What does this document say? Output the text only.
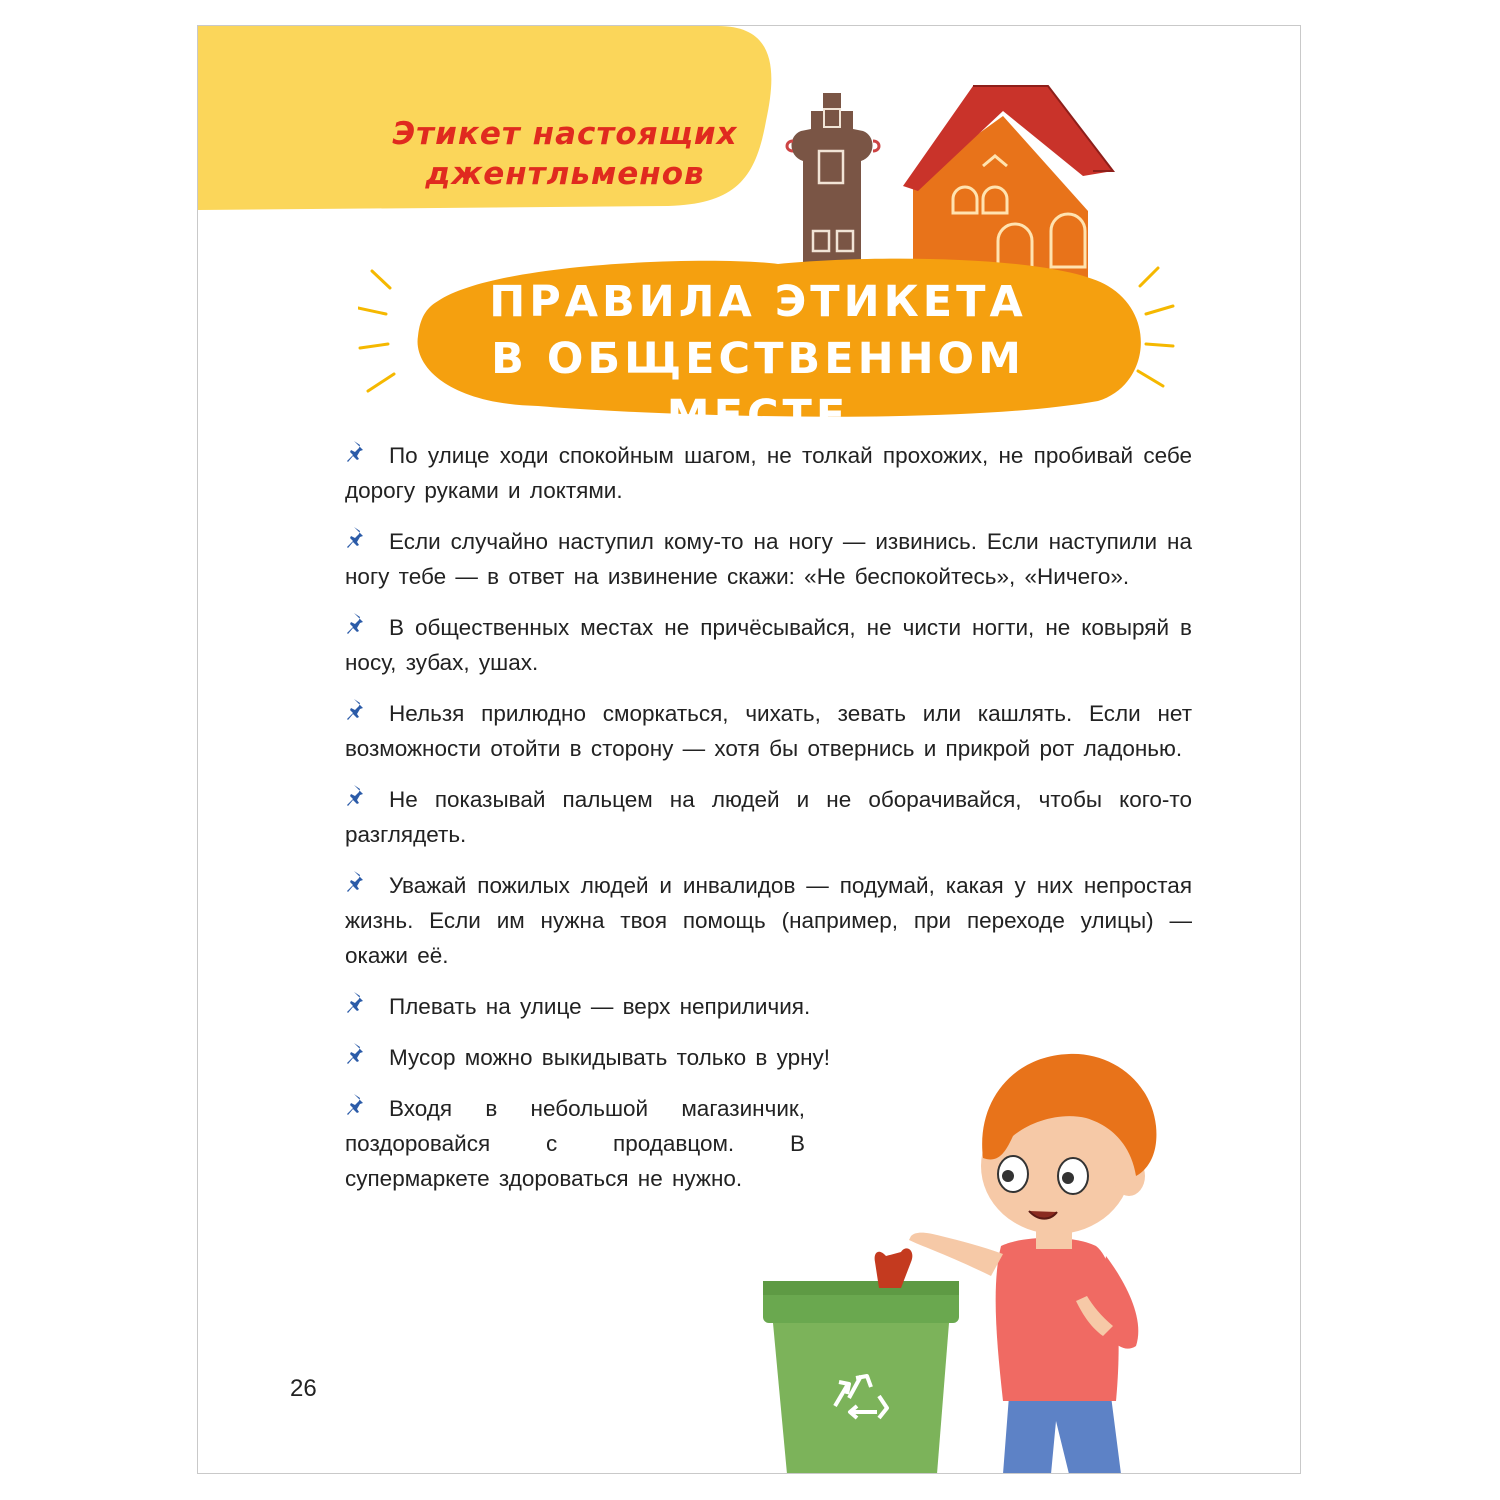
Этикет настоящих джентльменов
ПРАВИЛА ЭТИКЕТА
В ОБЩЕСТВЕННОМ МЕСТЕ
По улице ходи спокойным шагом, не толкай прохожих, не пробивай себе дорогу руками и локтями.
Если случайно наступил кому-то на ногу — извинись. Если наступили на ногу тебе — в ответ на извинение скажи: «Не беспокойтесь», «Ничего».
В общественных местах не причёсывайся, не чисти ногти, не ковыряй в носу, зубах, ушах.
Нельзя прилюдно сморкаться, чихать, зевать или кашлять. Если нет возможности отойти в сторону — хотя бы отвернись и прикрой рот ладонью.
Не показывай пальцем на людей и не оборачивайся, чтобы кого-то разглядеть.
Уважай пожилых людей и инвалидов — подумай, какая у них непростая жизнь. Если им нужна твоя помощь (например, при переходе улицы) — окажи её.
Плевать на улице — верх неприличия.
Мусор можно выкидывать только в урну!
Входя в небольшой магазинчик, поздоровайся с продавцом. В супермаркете здороваться не нужно.
26
